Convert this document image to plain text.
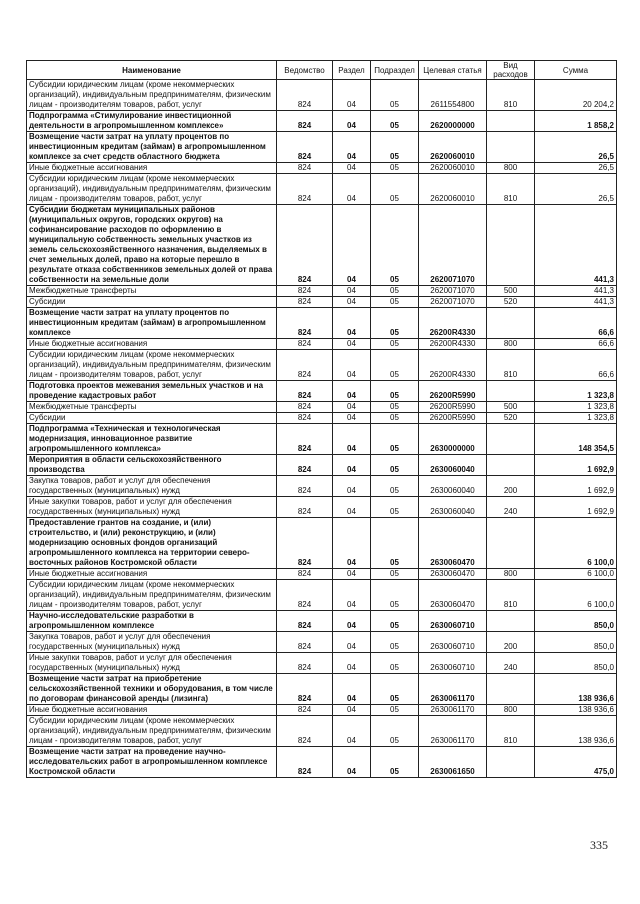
Наименование	Ведомство	Раздел	Подраздел	Целевая статья	Вид расходов	Сумма
Субсидии юридическим лицам (кроме некоммерческих организаций), индивидуальным предпринимателям, физическим лицам - производителям товаров, работ, услуг	824	04	05	2611554800	810	20 204,2
Подпрограмма «Стимулирование инвестиционной деятельности в агропромышленном комплексе»	824	04	05	2620000000		1 858,2
Возмещение части затрат на уплату процентов по инвестиционным кредитам (займам) в агропромышленном комплексе за счет средств областного бюджета	824	04	05	2620060010		26,5
Иные бюджетные ассигнования	824	04	05	2620060010	800	26,5
Субсидии юридическим лицам (кроме некоммерческих организаций), индивидуальным предпринимателям, физическим лицам - производителям товаров, работ, услуг	824	04	05	2620060010	810	26,5
Субсидии бюджетам муниципальных районов (муниципальных округов, городских округов) на софинансирование расходов по оформлению в муниципальную собственность земельных участков из земель сельскохозяйственного назначения, выделяемых в счет земельных долей, право на которые перешло в результате отказа собственников земельных долей от права собственности на земельные доли	824	04	05	2620071070		441,3
Межбюджетные трансферты	824	04	05	2620071070	500	441,3
Субсидии	824	04	05	2620071070	520	441,3
Возмещение части затрат на уплату процентов по инвестиционным кредитам (займам) в агропромышленном комплексе	824	04	05	26200R4330		66,6
Иные бюджетные ассигнования	824	04	05	26200R4330	800	66,6
Субсидии юридическим лицам (кроме некоммерческих организаций), индивидуальным предпринимателям, физическим лицам - производителям товаров, работ, услуг	824	04	05	26200R4330	810	66,6
Подготовка проектов межевания земельных участков и на проведение кадастровых работ	824	04	05	26200R5990		1 323,8
Межбюджетные трансферты	824	04	05	26200R5990	500	1 323,8
Субсидии	824	04	05	26200R5990	520	1 323,8
Подпрограмма «Техническая и технологическая модернизация, инновационное развитие агропромышленного комплекса»	824	04	05	2630000000		148 354,5
Мероприятия в области сельскохозяйственного производства	824	04	05	2630060040		1 692,9
Закупка товаров, работ и услуг для обеспечения государственных (муниципальных) нужд	824	04	05	2630060040	200	1 692,9
Иные закупки товаров, работ и услуг для обеспечения государственных (муниципальных) нужд	824	04	05	2630060040	240	1 692,9
Предоставление грантов на создание, и (или) строительство, и (или) реконструкцию, и (или) модернизацию основных фондов организаций агропромышленного комплекса на территории северо-восточных районов Костромской области	824	04	05	2630060470		6 100,0
Иные бюджетные ассигнования	824	04	05	2630060470	800	6 100,0
Субсидии юридическим лицам (кроме некоммерческих организаций), индивидуальным предпринимателям, физическим лицам - производителям товаров, работ, услуг	824	04	05	2630060470	810	6 100,0
Научно-исследовательские разработки в агропромышленном комплексе	824	04	05	2630060710		850,0
Закупка товаров, работ и услуг для обеспечения государственных (муниципальных) нужд	824	04	05	2630060710	200	850,0
Иные закупки товаров, работ и услуг для обеспечения государственных (муниципальных) нужд	824	04	05	2630060710	240	850,0
Возмещение части затрат на приобретение сельскохозяйственной техники и оборудования, в том числе по договорам финансовой аренды (лизинга)	824	04	05	2630061170		138 936,6
Иные бюджетные ассигнования	824	04	05	2630061170	800	138 936,6
Субсидии юридическим лицам (кроме некоммерческих организаций), индивидуальным предпринимателям, физическим лицам - производителям товаров, работ, услуг	824	04	05	2630061170	810	138 936,6
Возмещение части затрат на проведение научно-исследовательских работ в агропромышленном комплексе Костромской области	824	04	05	2630061650		475,0
335
